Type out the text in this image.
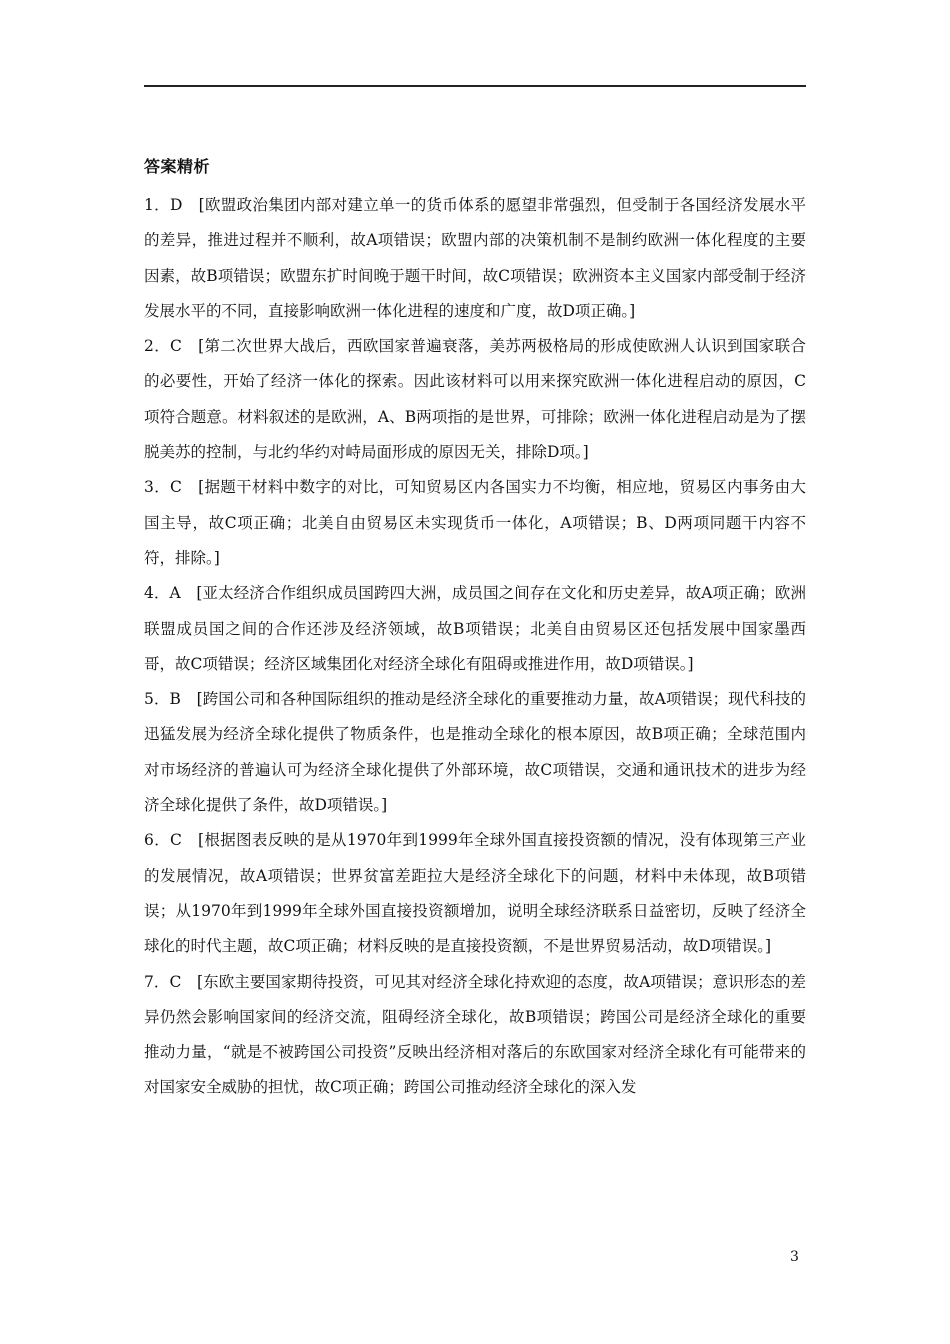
答案精析

1．D　[欧盟政治集团内部对建立单一的货币体系的愿望非常强烈，但受制于各国经济发展水平的差异，推进过程并不顺利，故A项错误；欧盟内部的决策机制不是制约欧洲一体化程度的主要因素，故B项错误；欧盟东扩时间晚于题干时间，故C项错误；欧洲资本主义国家内部受制于经济发展水平的不同，直接影响欧洲一体化进程的速度和广度，故D项正确。]

2．C　[第二次世界大战后，西欧国家普遍衰落，美苏两极格局的形成使欧洲人认识到国家联合的必要性，开始了经济一体化的探索。因此该材料可以用来探究欧洲一体化进程启动的原因，C项符合题意。材料叙述的是欧洲，A、B两项指的是世界，可排除；欧洲一体化进程启动是为了摆脱美苏的控制，与北约华约对峙局面形成的原因无关，排除D项。]

3．C　[据题干材料中数字的对比，可知贸易区内各国实力不均衡，相应地，贸易区内事务由大国主导，故C项正确；北美自由贸易区未实现货币一体化，A项错误；B、D两项同题干内容不符，排除。]

4．A　[亚太经济合作组织成员国跨四大洲，成员国之间存在文化和历史差异，故A项正确；欧洲联盟成员国之间的合作还涉及经济领域，故B项错误；北美自由贸易区还包括发展中国家墨西哥，故C项错误；经济区域集团化对经济全球化有阻碍或推进作用，故D项错误。]

5．B　[跨国公司和各种国际组织的推动是经济全球化的重要推动力量，故A项错误；现代科技的迅猛发展为经济全球化提供了物质条件，也是推动全球化的根本原因，故B项正确；全球范围内对市场经济的普遍认可为经济全球化提供了外部环境，故C项错误，交通和通讯技术的进步为经济全球化提供了条件，故D项错误。]

6．C　[根据图表反映的是从1970年到1999年全球外国直接投资额的情况，没有体现第三产业的发展情况，故A项错误；世界贫富差距拉大是经济全球化下的问题，材料中未体现，故B项错误；从1970年到1999年全球外国直接投资额增加，说明全球经济联系日益密切，反映了经济全球化的时代主题，故C项正确；材料反映的是直接投资额，不是世界贸易活动，故D项错误。]

7．C　[东欧主要国家期待投资，可见其对经济全球化持欢迎的态度，故A项错误；意识形态的差异仍然会影响国家间的经济交流，阻碍经济全球化，故B项错误；跨国公司是经济全球化的重要推动力量，“就是不被跨国公司投资”反映出经济相对落后的东欧国家对经济全球化有可能带来的对国家安全威胁的担忧，故C项正确；跨国公司推动经济全球化的深入发

3
